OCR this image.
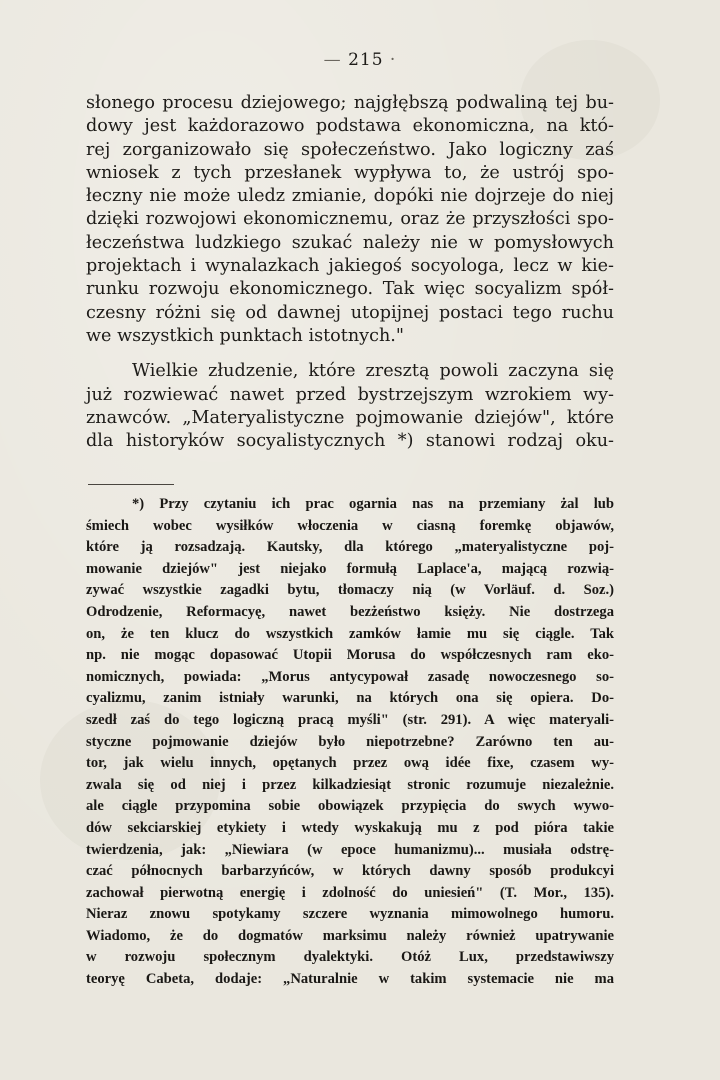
— 215 ·
słonego procesu dziejowego; najgłębszą podwaliną tej bu-
dowy jest każdorazowo podstawa ekonomiczna, na któ-
rej zorganizowało się społeczeństwo. Jako logiczny zaś
wniosek z tych przesłanek wypływa to, że ustrój spo-
łeczny nie może uledz zmianie, dopóki nie dojrzeje do niej
dzięki rozwojowi ekonomicznemu, oraz że przyszłości spo-
łeczeństwa ludzkiego szukać należy nie w pomysłowych
projektach i wynalazkach jakiegoś socyologa, lecz w kie-
runku rozwoju ekonomicznego. Tak więc socyalizm spół-
czesny różni się od dawnej utopijnej postaci tego ruchu
we wszystkich punktach istotnych."
Wielkie złudzenie, które zresztą powoli zaczyna się
już rozwiewać nawet przed bystrzejszym wzrokiem wy-
znawców. „Materyalistyczne pojmowanie dziejów", które
dla historyków socyalistycznych *) stanowi rodzaj oku-
*) Przy czytaniu ich prac ogarnia nas na przemiany żal lub
śmiech wobec wysiłków włoczenia w ciasną foremkę objawów,
które ją rozsadzają. Kautsky, dla którego „materyalistyczne poj-
mowanie dziejów" jest niejako formułą Laplace'a, mającą rozwią-
zywać wszystkie zagadki bytu, tłomaczy nią (w Vorläuf. d. Soz.)
Odrodzenie, Reformacyę, nawet bezżeństwo księży. Nie dostrzega
on, że ten klucz do wszystkich zamków łamie mu się ciągle. Tak
np. nie mogąc dopasować Utopii Morusa do współczesnych ram eko-
nomicznych, powiada: „Morus antycypował zasadę nowoczesnego so-
cyalizmu, zanim istniały warunki, na których ona się opiera. Do-
szedł zaś do tego logiczną pracą myśli" (str. 291). A więc materyali-
styczne pojmowanie dziejów było niepotrzebne? Zarówno ten au-
tor, jak wielu innych, opętanych przez ową idée fixe, czasem wy-
zwala się od niej i przez kilkadziesiąt stronic rozumuje niezależnie.
ale ciągle przypomina sobie obowiązek przypięcia do swych wywo-
dów sekciarskiej etykiety i wtedy wyskakują mu z pod pióra takie
twierdzenia, jak: „Niewiara (w epoce humanizmu)... musiała odstrę-
czać północnych barbarzyńców, w których dawny sposób produkcyi
zachował pierwotną energię i zdolność do uniesień" (T. Mor., 135).
Nieraz znowu spotykamy szczere wyznania mimowolnego humoru.
Wiadomo, że do dogmatów marksimu należy również upatrywanie
w rozwoju społecznym dyalektyki. Otóż Lux, przedstawiwszy
teoryę Cabeta, dodaje: „Naturalnie w takim systemacie nie ma
